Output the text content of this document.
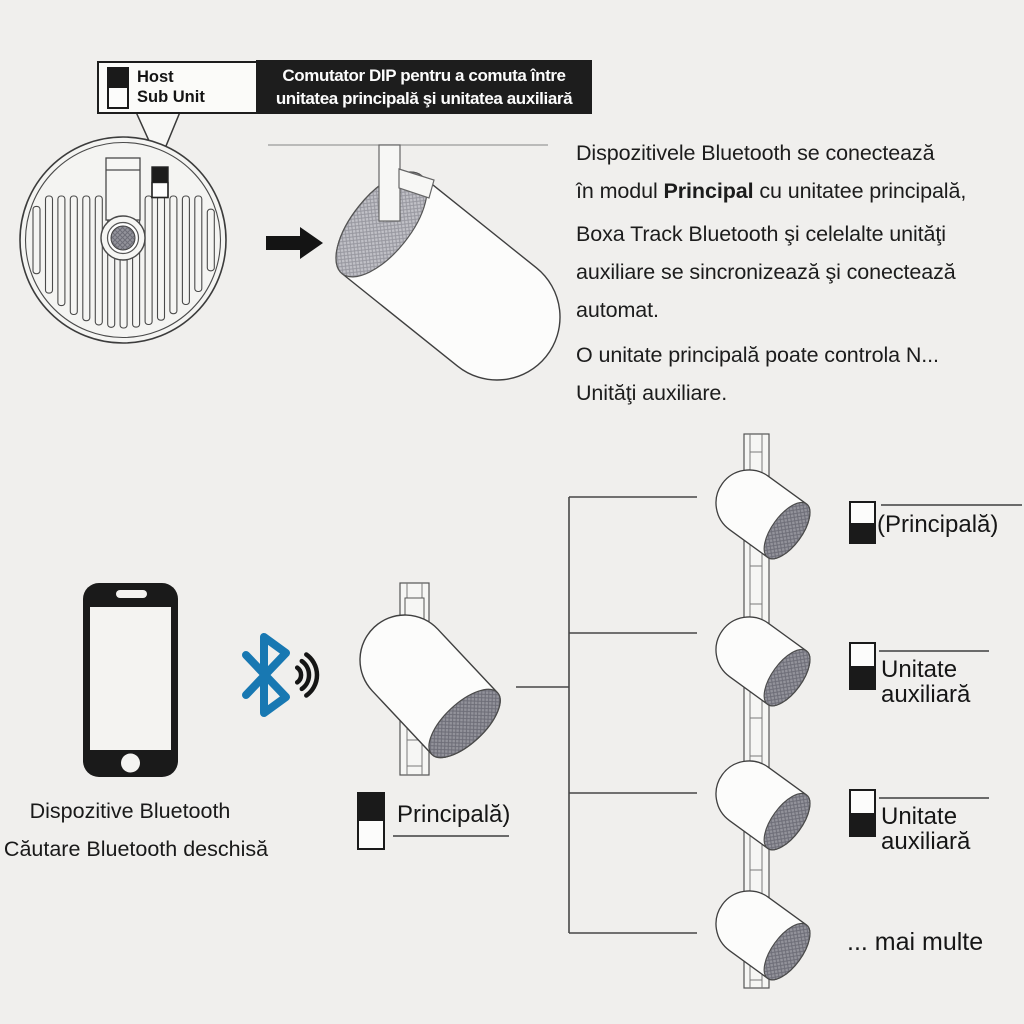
Host
Sub Unit
Comutator DIP pentru a comuta între
unitatea principală şi unitatea auxiliară
Dispozitivele Bluetooth se conectează
în modul Principal cu unitatee principală,
Boxa Track Bluetooth şi celelalte unităţi
auxiliare se sincronizează şi conectează
automat.
O unitate principală poate controla N...
Unităţi auxiliare.
Dispozitive Bluetooth
Căutare Bluetooth deschisă
Principală)
(Principală)
Unitate
auxiliară
Unitate
auxiliară
... mai multe
